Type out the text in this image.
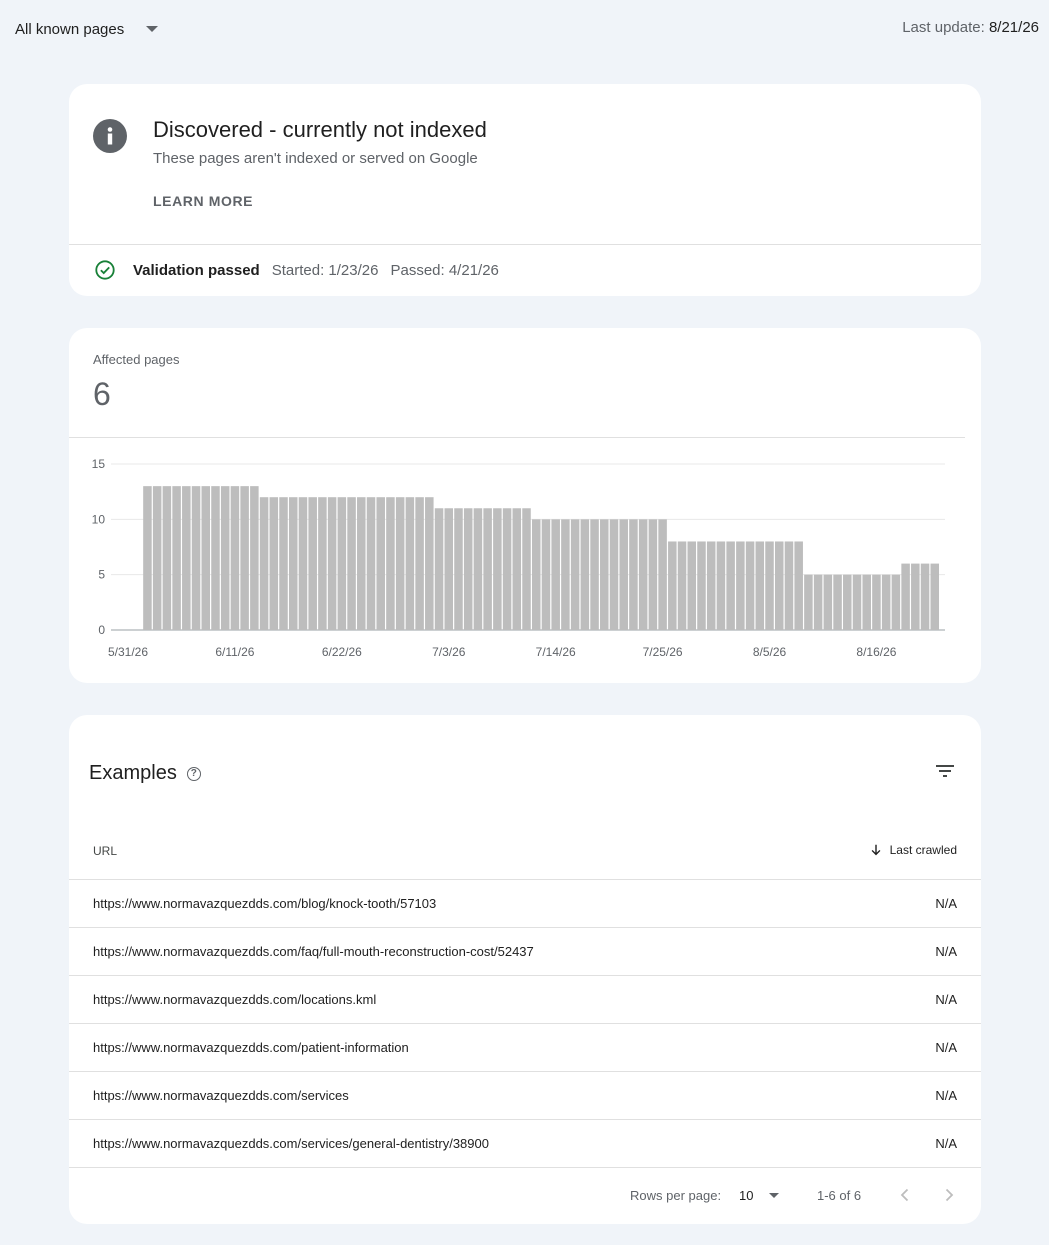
All known pages	Last update: 8/21/26
Discovered - currently not indexed
These pages aren't indexed or served on Google
LEARN MORE
Validation passed Started: 1/23/26 Passed: 4/21/26
Affected pages
6
0
5
10
15
5/31/26	6/11/26	6/22/26	7/3/26	7/14/26	7/25/26	8/5/26	8/16/26
Examples	?
URL	Last crawled
https://www.normavazquezdds.com/blog/knock-tooth/57103	N/A
https://www.normavazquezdds.com/faq/full-mouth-reconstruction-cost/52437	N/A
https://www.normavazquezdds.com/locations.kml	N/A
https://www.normavazquezdds.com/patient-information	N/A
https://www.normavazquezdds.com/services	N/A
https://www.normavazquezdds.com/services/general-dentistry/38900	N/A
Rows per page: 10	1-6 of 6
